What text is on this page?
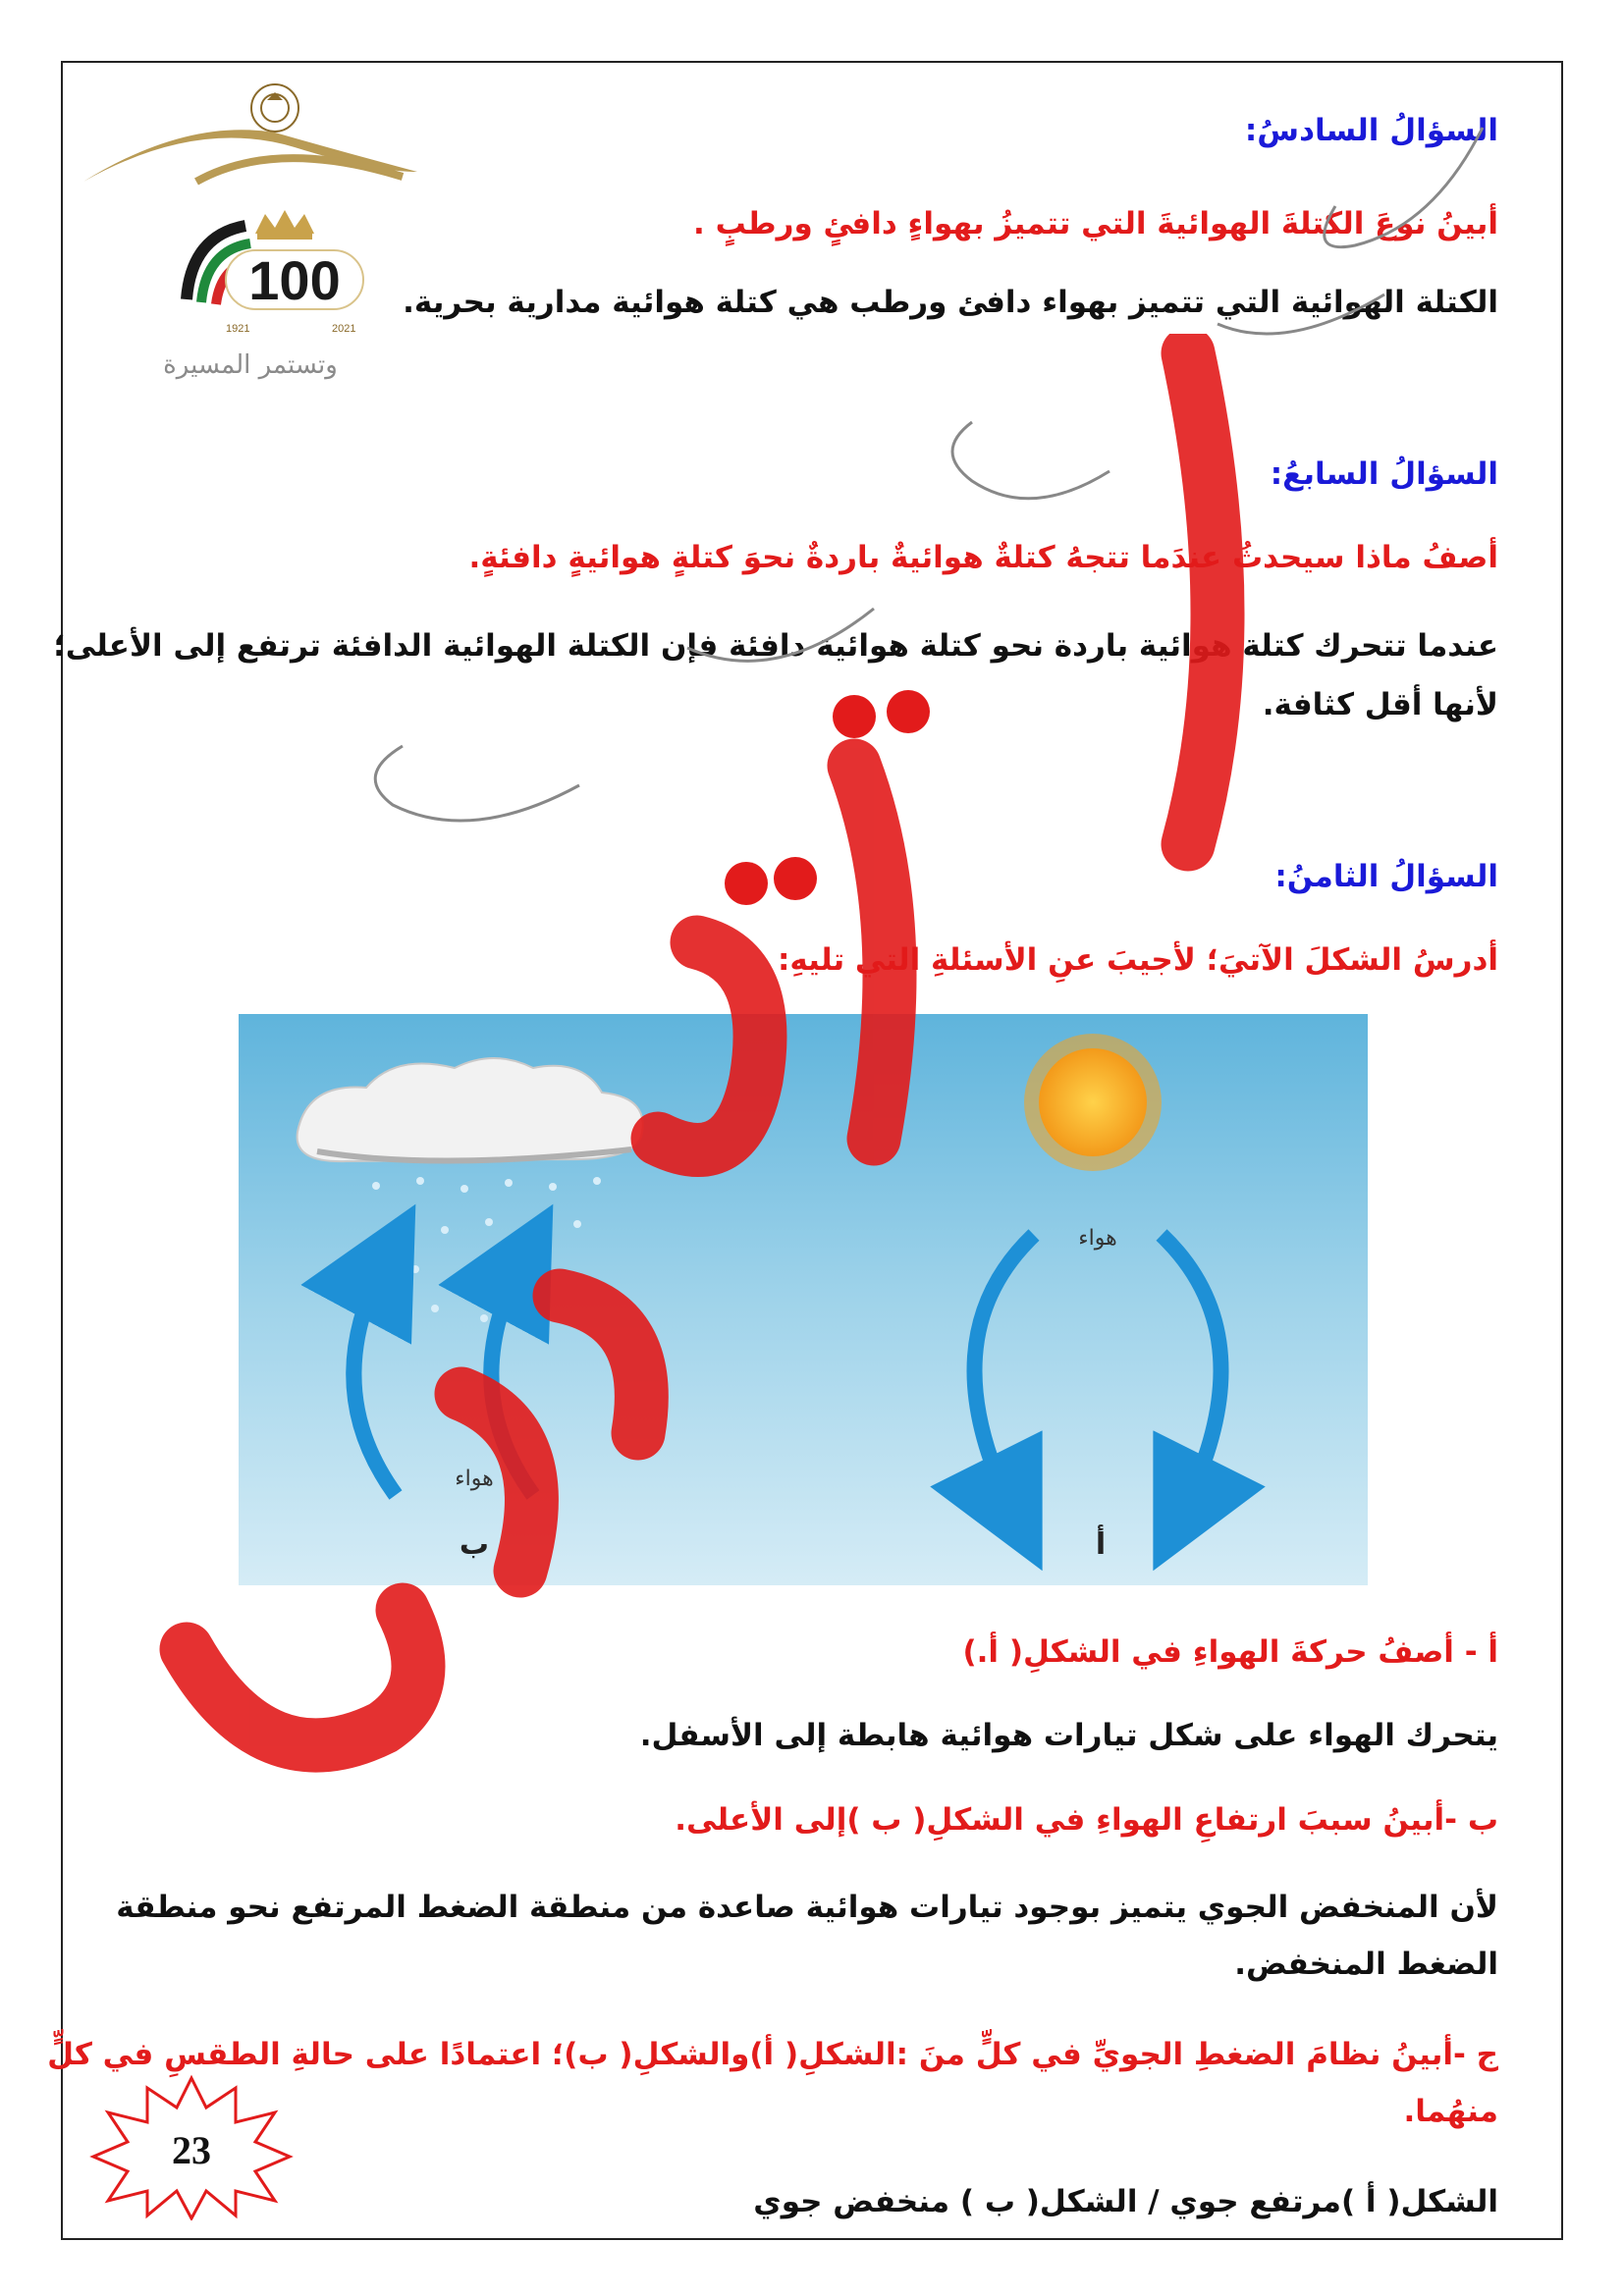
100
1921	2021
وتستمر المسيرة
السؤالُ السادسُ:
أبينُ نوعَ الكتلةَ الهوائيةَ التي تتميزُ بهواءٍ دافئٍ ورطبٍ .
الكتلة الهوائية التي تتميز بهواء دافئ ورطب هي كتلة هوائية مدارية بحرية.
السؤالُ السابعُ:
أصفُ ماذا سيحدثُ عندَما تتجهُ كتلةٌ هوائيةٌ باردةٌ نحوَ كتلةٍ هوائيةٍ دافئةٍ.
عندما تتحرك كتلة هوائية باردة نحو كتلة هوائية دافئة فإن الكتلة الهوائية الدافئة ترتفع إلى الأعلى؛
لأنها أقل كثافة.
السؤالُ الثامنُ:
أدرسُ الشكلَ الآتيَ؛ لأجيبَ عنِ الأسئلةِ التي تليهِ:
هواء
ب
هواء
أ
أ - أصفُ حركةَ الهواءِ في الشكلِ( أ.)
يتحرك الهواء على شكل تيارات هوائية هابطة إلى الأسفل.
ب -أبينُ سببَ ارتفاعِ الهواءِ في الشكلِ( ب )إلى الأعلى.
لأن المنخفض الجوي يتميز بوجود تيارات هوائية صاعدة من منطقة الضغط المرتفع نحو منطقة
الضغط المنخفض.
ج -أبينُ نظامَ الضغطِ الجويِّ في كلٍّ منَ :الشكلِ( أ)والشكلِ( ب)؛ اعتمادًا على حالةِ الطقسِ في كلٍّ
منهُما.
الشكل( أ )مرتفع جوي / الشكل( ب ) منخفض جوي
23
